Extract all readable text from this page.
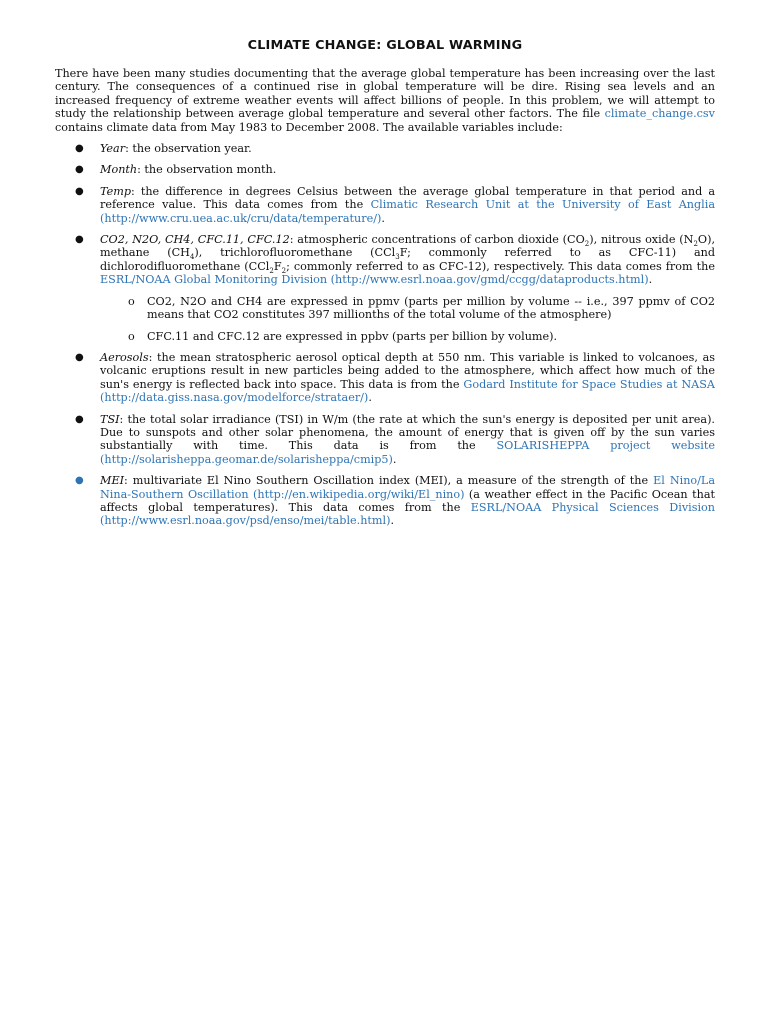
CLIMATE CHANGE: GLOBAL WARMING

There have been many studies documenting that the average global temperature has been increasing over the last century. The consequences of a continued rise in global temperature will be dire. Rising sea levels and an increased frequency of extreme weather events will affect billions of people. In this problem, we will attempt to study the relationship between average global temperature and several other factors. The file climate_change.csv contains climate data from May 1983 to December 2008. The available variables include:

● Year: the observation year.
● Month: the observation month.
● Temp: the difference in degrees Celsius between the average global temperature in that period and a reference value. This data comes from the Climatic Research Unit at the University of East Anglia (http://www.cru.uea.ac.uk/cru/data/temperature/).
● CO2, N2O, CH4, CFC.11, CFC.12: atmospheric concentrations of carbon dioxide $(CO_2)$, nitrous oxide $(N_2O)$, methane $(CH_4)$, trichlorofluoromethane (CCl$_3$F; commonly referred to as CFC-11) and dichlorodifluoromethane ($CCl_2F_2$; commonly referred to as CFC-12), respectively. This data comes from the ESRL/NOAA Global Monitoring Division (http://www.esrl.noaa.gov/gmd/ccgg/dataproducts.html).
o CO2, N2O and CH4 are expressed in ppmv (parts per million by volume -- i.e., 397 ppmv of CO2 means that CO2 constitutes 397 millionths of the total volume of the atmosphere)
o CFC.11 and CFC.12 are expressed in ppbv (parts per billion by volume).
● Aerosols: the mean stratospheric aerosol optical depth at 550 nm. This variable is linked to volcanoes, as volcanic eruptions result in new particles being added to the atmosphere, which affect how much of the sun's energy is reflected back into space. This data is from the Godard Institute for Space Studies at NASA (http://data.giss.nasa.gov/modelforce/strataer/).
● TSI: the total solar irradiance (TSI) in W/m (the rate at which the sun's energy is deposited per unit area). Due to sunspots and other solar phenomena, the amount of energy that is given off by the sun varies substantially with time. This data is from the SOLARISHEPPA project website (http://solarisheppa.geomar.de/solarisheppa/cmip5).
● MEI: multivariate El Nino Southern Oscillation index (MEI), a measure of the strength of the El Nino/La Nina-Southern Oscillation (http://en.wikipedia.org/wiki/El_nino) (a weather effect in the Pacific Ocean that affects global temperatures). This data comes from the ESRL/NOAA Physical Sciences Division (http://www.esrl.noaa.gov/psd/enso/mei/table.html).
